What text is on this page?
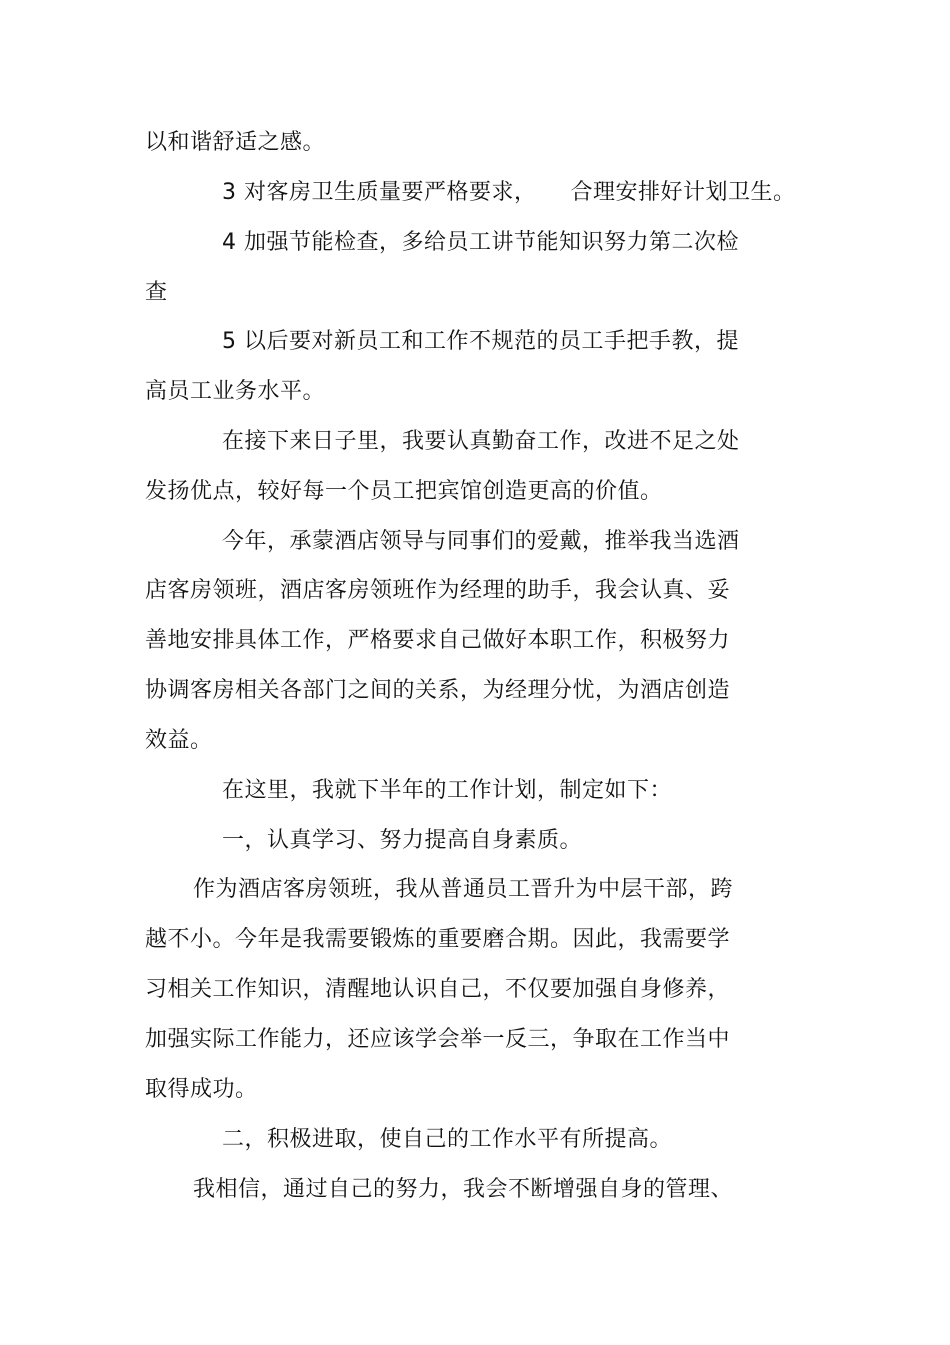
以和谐舒适之感。
3 对客房卫生质量要严格要求，　　合理安排好计划卫生。
4 加强节能检查，多给员工讲节能知识努力第二次检
查
5 以后要对新员工和工作不规范的员工手把手教，提
高员工业务水平。
在接下来日子里，我要认真勤奋工作，改进不足之处
发扬优点，较好每一个员工把宾馆创造更高的价值。
今年，承蒙酒店领导与同事们的爱戴，推举我当选酒
店客房领班，酒店客房领班作为经理的助手，我会认真、妥
善地安排具体工作，严格要求自己做好本职工作，积极努力
协调客房相关各部门之间的关系，为经理分忧，为酒店创造
效益。
在这里，我就下半年的工作计划，制定如下：
一，认真学习、努力提高自身素质。
作为酒店客房领班，我从普通员工晋升为中层干部，跨
越不小。今年是我需要锻炼的重要磨合期。因此，我需要学
习相关工作知识，清醒地认识自己，不仅要加强自身修养，
加强实际工作能力，还应该学会举一反三，争取在工作当中
取得成功。
二，积极进取，使自己的工作水平有所提高。
我相信，通过自己的努力，我会不断增强自身的管理、
